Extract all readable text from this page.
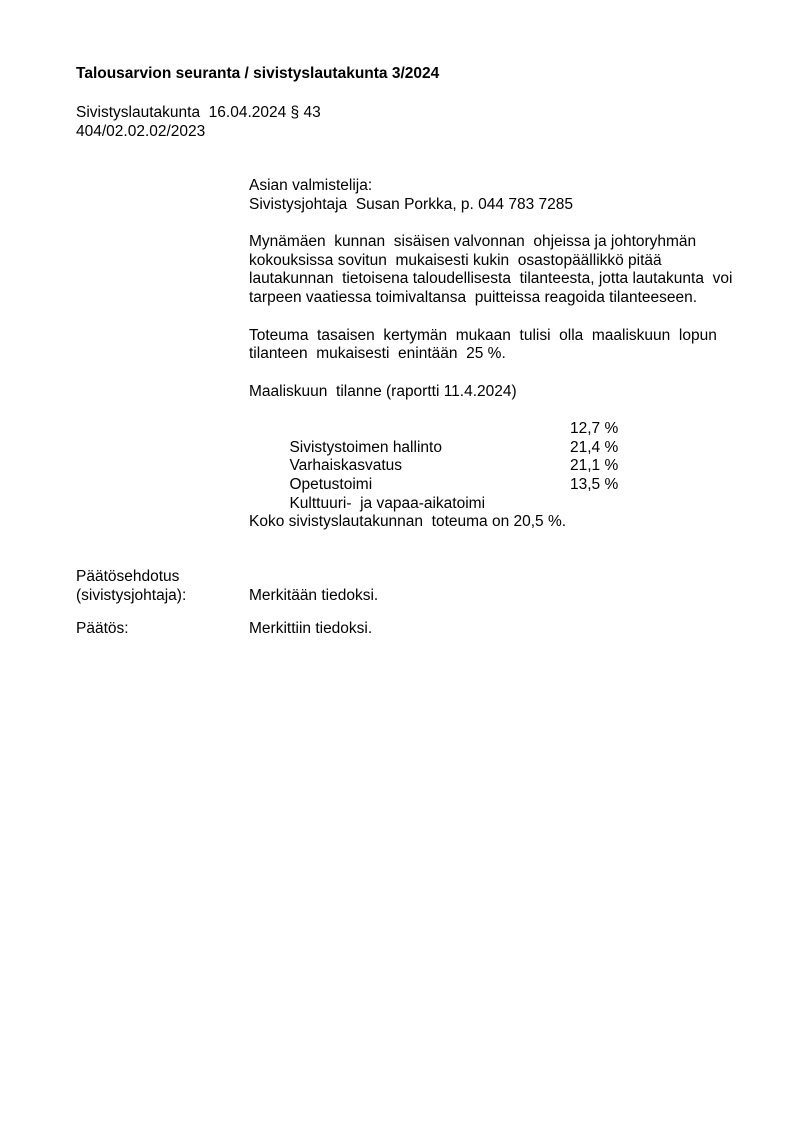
Talousarvion seuranta / sivistyslautakunta 3/2024
Sivistyslautakunta  16.04.2024 § 43
404/02.02.02/2023
Asian valmistelija:
Sivistysjohtaja  Susan Porkka, p. 044 783 7285
Mynämäen  kunnan  sisäisen valvonnan  ohjeissa ja johtoryhmän
kokouksissa sovitun  mukaisesti kukin  osastopäällikkö pitää
lautakunnan  tietoisena taloudellisesta  tilanteesta, jotta lautakunta  voi
tarpeen vaatiessa toimivaltansa  puitteissa reagoida tilanteeseen.
Toteuma  tasaisen  kertymän  mukaan  tulisi  olla  maaliskuun  lopun
tilanteen  mukaisesti  enintään  25 %.
Maaliskuun  tilanne (raportti 11.4.2024)

Sivistystoimen hallinto

12,7 %

Varhaiskasvatus

21,4 %

Opetustoimi

21,1 %

Kulttuuri-  ja vapaa-aikatoimi

13,5 %

Koko sivistyslautakunnan  toteuma on 20,5 %.
Päätösehdotus
(sivistysjohtaja):	Merkitään tiedoksi.
Päätös:	Merkittiin tiedoksi.
